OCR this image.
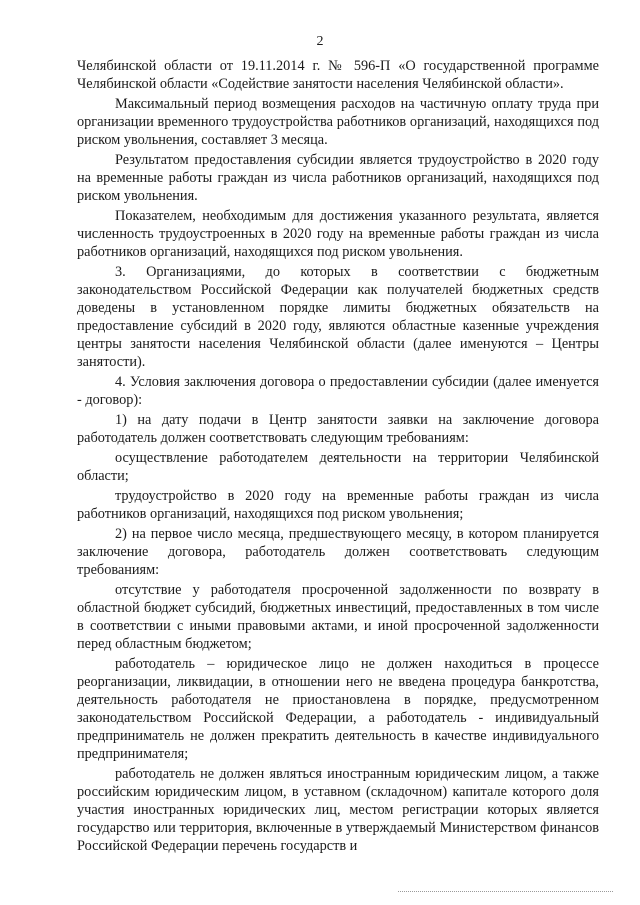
2

Челябинской области от 19.11.2014 г. № 596-П «О государственной программе Челябинской области «Содействие занятости населения Челябинской области».

Максимальный период возмещения расходов на частичную оплату труда при организации временного трудоустройства работников организаций, находящихся под риском увольнения, составляет 3 месяца.

Результатом предоставления субсидии является трудоустройство в 2020 году на временные работы граждан из числа работников организаций, находящихся под риском увольнения.

Показателем, необходимым для достижения указанного результата, является численность трудоустроенных в 2020 году на временные работы граждан из числа работников организаций, находящихся под риском увольнения.

3. Организациями, до которых в соответствии с бюджетным законодательством Российской Федерации как получателей бюджетных средств доведены в установленном порядке лимиты бюджетных обязательств на предоставление субсидий в 2020 году, являются областные казенные учреждения центры занятости населения Челябинской области (далее именуются – Центры занятости).

4. Условия заключения договора о предоставлении субсидии (далее именуется - договор):

1) на дату подачи в Центр занятости заявки на заключение договора работодатель должен соответствовать следующим требованиям:

осуществление работодателем деятельности на территории Челябинской области;

трудоустройство в 2020 году на временные работы граждан из числа работников организаций, находящихся под риском увольнения;

2) на первое число месяца, предшествующего месяцу, в котором планируется заключение договора, работодатель должен соответствовать следующим требованиям:

отсутствие у работодателя просроченной задолженности по возврату в областной бюджет субсидий, бюджетных инвестиций, предоставленных в том числе в соответствии с иными правовыми актами, и иной просроченной задолженности перед областным бюджетом;

работодатель – юридическое лицо не должен находиться в процессе реорганизации, ликвидации, в отношении него не введена процедура банкротства, деятельность работодателя не приостановлена в порядке, предусмотренном законодательством Российской Федерации, а работодатель - индивидуальный предприниматель не должен прекратить деятельность в качестве индивидуального предпринимателя;

работодатель не должен являться иностранным юридическим лицом, а также российским юридическим лицом, в уставном (складочном) капитале которого доля участия иностранных юридических лиц, местом регистрации которых является государство или территория, включенные в утверждаемый Министерством финансов Российской Федерации перечень государств и
